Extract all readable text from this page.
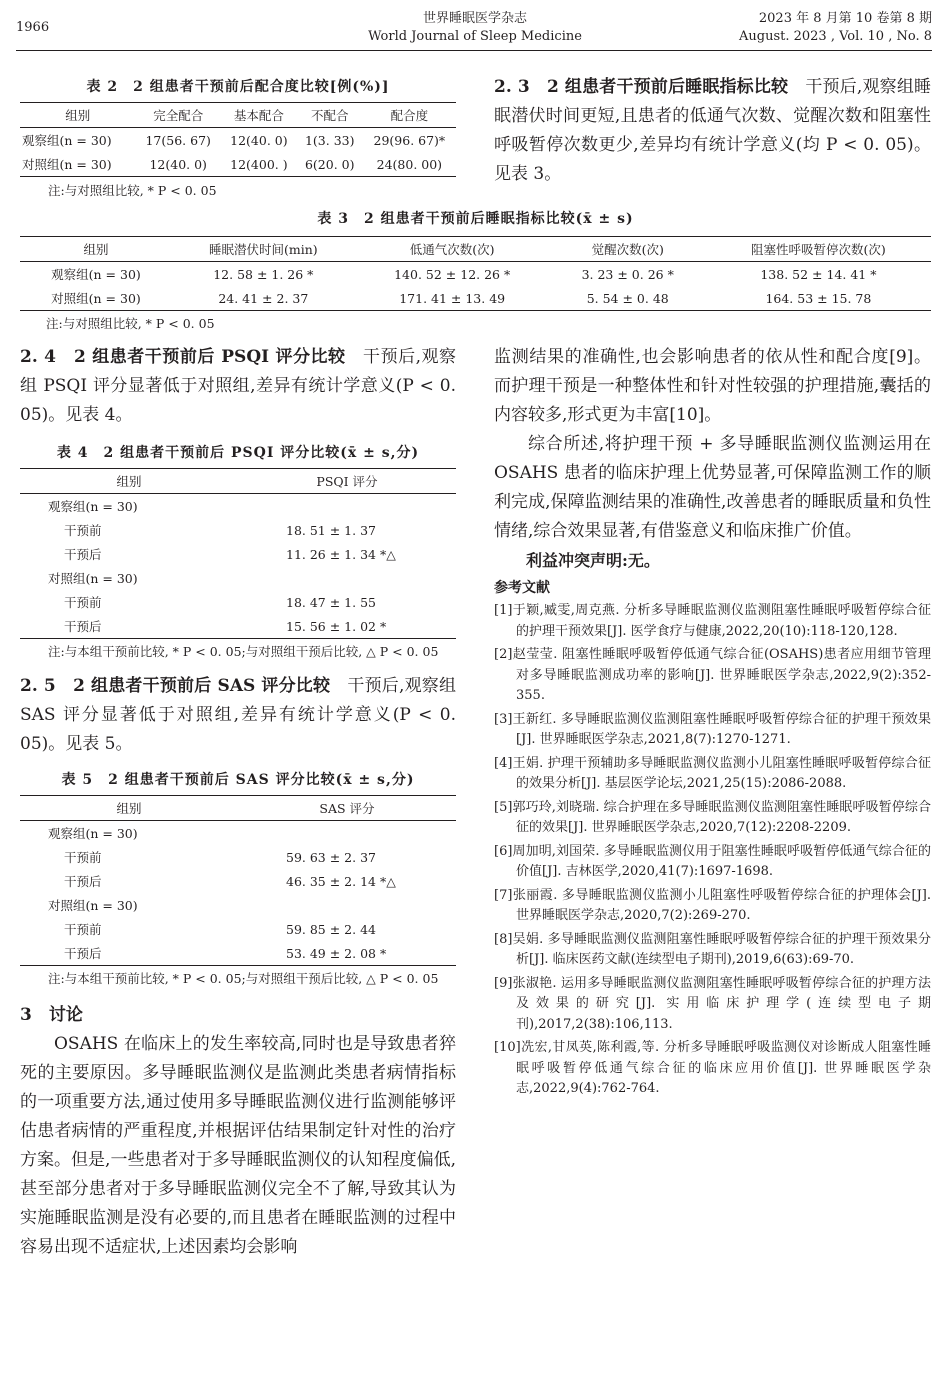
1966
世界睡眠医学杂志
World Journal of Sleep Medicine
2023 年 8 月第 10 卷第 8 期
August. 2023 , Vol. 10 , No. 8
表 2　2 组患者干预前后配合度比较[例(%)]
组别	完全配合	基本配合	不配合	配合度
观察组(n = 30)	17(56. 67)	12(40. 0)	1(3. 33)	29(96. 67)*
对照组(n = 30)	12(40. 0)	12(400. )	6(20. 0)	24(80. 00)
注:与对照组比较, * P < 0. 05
2. 3　2 组患者干预前后睡眠指标比较　干预后,观察组睡眠潜伏时间更短,且患者的低通气次数、觉醒次数和阻塞性呼吸暂停次数更少,差异均有统计学意义(均 P < 0. 05)。见表 3。
表 3　2 组患者干预前后睡眠指标比较(x̄ ± s)
组别	睡眠潜伏时间(min)	低通气次数(次)	觉醒次数(次)	阻塞性呼吸暂停次数(次)
观察组(n = 30)	12. 58 ± 1. 26 *	140. 52 ± 12. 26 *	3. 23 ± 0. 26 *	138. 52 ± 14. 41 *
对照组(n = 30)	24. 41 ± 2. 37	171. 41 ± 13. 49	5. 54 ± 0. 48	164. 53 ± 15. 78
注:与对照组比较, * P < 0. 05
2. 4　2 组患者干预前后 PSQI 评分比较　干预后,观察组 PSQI 评分显著低于对照组,差异有统计学意义(P < 0. 05)。见表 4。
表 4　2 组患者干预前后 PSQI 评分比较(x̄ ± s,分)
组别	PSQI 评分
观察组(n = 30)	
干预前	18. 51 ± 1. 37
干预后	11. 26 ± 1. 34 *△
对照组(n = 30)	
干预前	18. 47 ± 1. 55
干预后	15. 56 ± 1. 02 *
注:与本组干预前比较, * P < 0. 05;与对照组干预后比较, △ P < 0. 05
2. 5　2 组患者干预前后 SAS 评分比较　干预后,观察组 SAS 评分显著低于对照组,差异有统计学意义(P < 0. 05)。见表 5。
表 5　2 组患者干预前后 SAS 评分比较(x̄ ± s,分)
组别	SAS 评分
观察组(n = 30)	
干预前	59. 63 ± 2. 37
干预后	46. 35 ± 2. 14 *△
对照组(n = 30)	
干预前	59. 85 ± 2. 44
干预后	53. 49 ± 2. 08 *
注:与本组干预前比较, * P < 0. 05;与对照组干预后比较, △ P < 0. 05
3　讨论
OSAHS 在临床上的发生率较高,同时也是导致患者猝死的主要原因。多导睡眠监测仪是监测此类患者病情指标的一项重要方法,通过使用多导睡眠监测仪进行监测能够评估患者病情的严重程度,并根据评估结果制定针对性的治疗方案。但是,一些患者对于多导睡眠监测仪的认知程度偏低,甚至部分患者对于多导睡眠监测仪完全不了解,导致其认为实施睡眠监测是没有必要的,而且患者在睡眠监测的过程中容易出现不适症状,上述因素均会影响
监测结果的准确性,也会影响患者的依从性和配合度[9]。而护理干预是一种整体性和针对性较强的护理措施,囊括的内容较多,形式更为丰富[10]。
综合所述,将护理干预 + 多导睡眠监测仪监测运用在 OSAHS 患者的临床护理上优势显著,可保障监测工作的顺利完成,保障监测结果的准确性,改善患者的睡眠质量和负性情绪,综合效果显著,有借鉴意义和临床推广价值。
利益冲突声明:无。
参考文献
[1]于颖,臧雯,周克燕. 分析多导睡眠监测仪监测阻塞性睡眠呼吸暂停综合征的护理干预效果[J]. 医学食疗与健康,2022,20(10):118-120,128.
[2]赵莹莹. 阻塞性睡眠呼吸暂停低通气综合征(OSAHS)患者应用细节管理对多导睡眠监测成功率的影响[J]. 世界睡眠医学杂志,2022,9(2):352-355.
[3]王新红. 多导睡眠监测仪监测阻塞性睡眠呼吸暂停综合征的护理干预效果[J]. 世界睡眠医学杂志,2021,8(7):1270-1271.
[4]王娟. 护理干预辅助多导睡眠监测仪监测小儿阻塞性睡眠呼吸暂停综合征的效果分析[J]. 基层医学论坛,2021,25(15):2086-2088.
[5]郭巧玲,刘晓瑞. 综合护理在多导睡眠监测仪监测阻塞性睡眠呼吸暂停综合征的效果[J]. 世界睡眠医学杂志,2020,7(12):2208-2209.
[6]周加明,刘国荣. 多导睡眠监测仪用于阻塞性睡眠呼吸暂停低通气综合征的价值[J]. 吉林医学,2020,41(7):1697-1698.
[7]张丽霞. 多导睡眠监测仪监测小儿阻塞性呼吸暂停综合征的护理体会[J]. 世界睡眠医学杂志,2020,7(2):269-270.
[8]吴娟. 多导睡眠监测仪监测阻塞性睡眠呼吸暂停综合征的护理干预效果分析[J]. 临床医药文献(连续型电子期刊),2019,6(63):69-70.
[9]张淑艳. 运用多导睡眠监测仪监测阻塞性睡眠呼吸暂停综合征的护理方法及效果的研究[J]. 实用临床护理学(连续型电子期刊),2017,2(38):106,113.
[10]冼宏,甘凤英,陈利霞,等. 分析多导睡眠呼吸监测仪对诊断成人阻塞性睡眠呼吸暂停低通气综合征的临床应用价值[J]. 世界睡眠医学杂志,2022,9(4):762-764.
